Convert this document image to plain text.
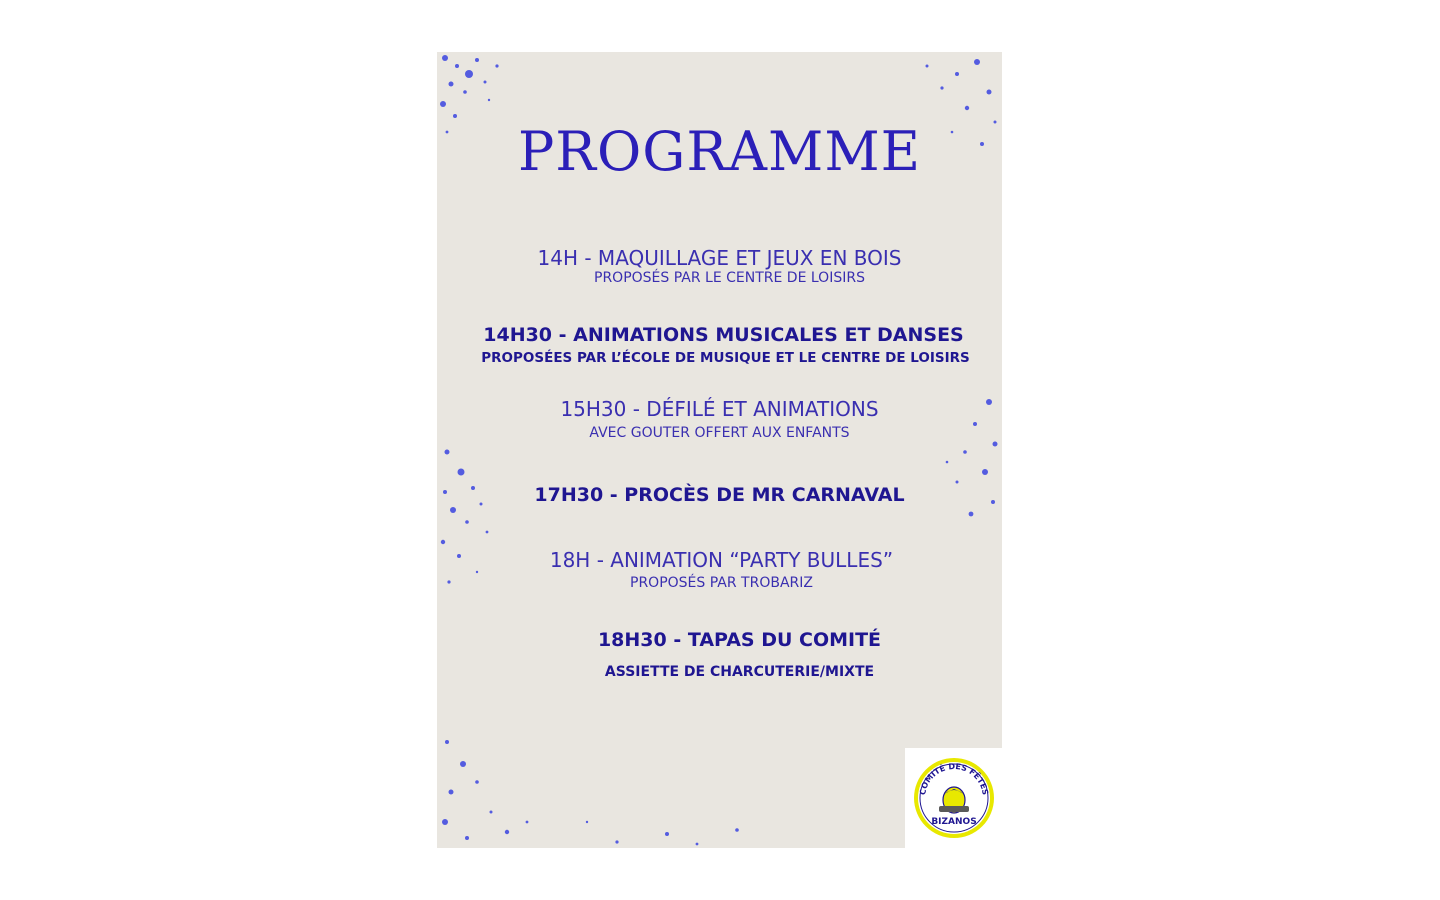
PROGRAMME
14H - MAQUILLAGE ET JEUX EN BOIS
PROPOSÉS PAR LE CENTRE DE LOISIRS
14H30 - ANIMATIONS MUSICALES ET DANSES
PROPOSÉES PAR L’ÉCOLE DE MUSIQUE ET LE CENTRE DE LOISIRS
15H30 - DÉFILÉ ET ANIMATIONS
AVEC GOUTER OFFERT AUX ENFANTS
17H30 - PROCÈS DE MR CARNAVAL
18H - ANIMATION “PARTY BULLES”
PROPOSÉS PAR TROBARIZ
18H30 - TAPAS DU COMITÉ
ASSIETTE DE CHARCUTERIE/MIXTE
COMITÉ DES FÊTES
BIZANOS
